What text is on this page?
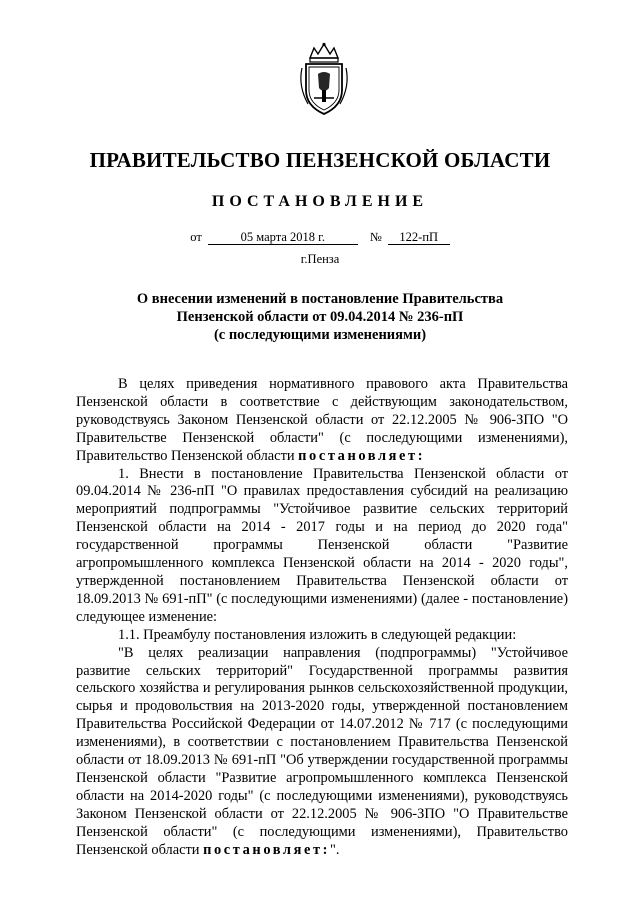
ПРАВИТЕЛЬСТВО ПЕНЗЕНСКОЙ ОБЛАСТИ
ПОСТАНОВЛЕНИЕ
от	05 марта 2018 г.	№ 122-пП
г.Пенза
О внесении изменений в постановление Правительства
Пензенской области от 09.04.2014 № 236-пП
(с последующими изменениями)

В целях приведения нормативного правового акта Правительства Пензенской области в соответствие с действующим законодательством, руководствуясь Законом Пензенской области от 22.12.2005 № 906-ЗПО "О Правительстве Пензенской области" (с последующими изменениями), Правительство Пензенской области постановляет:

1. Внести в постановление Правительства Пензенской области от 09.04.2014 № 236-пП "О правилах предоставления субсидий на реализацию мероприятий подпрограммы "Устойчивое развитие сельских территорий Пензенской области на 2014 - 2017 годы и на период до 2020 года" государственной программы Пензенской области "Развитие агропромышленного комплекса Пензенской области на 2014 - 2020 годы", утвержденной постановлением Правительства Пензенской области от 18.09.2013 № 691-пП" (с последующими изменениями) (далее - постановление) следующее изменение:

1.1. Преамбулу постановления изложить в следующей редакции:

"В целях реализации направления (подпрограммы) "Устойчивое развитие сельских территорий" Государственной программы развития сельского хозяйства и регулирования рынков сельскохозяйственной продукции, сырья и продовольствия на 2013-2020 годы, утвержденной постановлением Правительства Российской Федерации от 14.07.2012 № 717 (с последующими изменениями), в соответствии с постановлением Правительства Пензенской области от 18.09.2013 № 691-пП "Об утверждении государственной программы Пензенской области "Развитие агропромышленного комплекса Пензенской области на 2014-2020 годы" (с последующими изменениями), руководствуясь Законом Пензенской области от 22.12.2005 № 906-ЗПО "О Правительстве Пензенской области" (с последующими изменениями), Правительство Пензенской области постановляет:".
